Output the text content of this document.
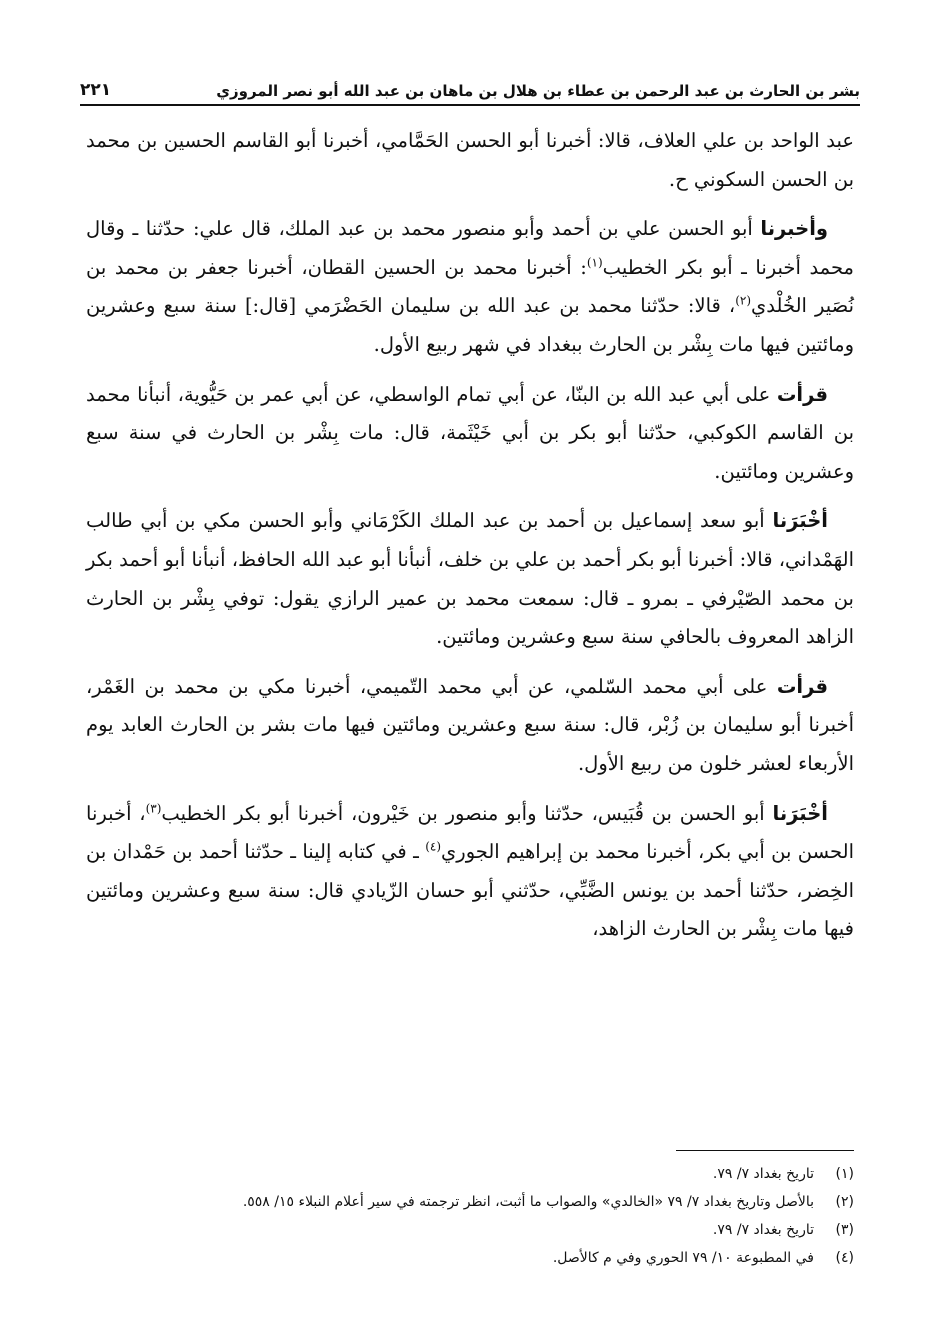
بشر بن الحارث بن عبد الرحمن بن عطاء بن هلال بن ماهان بن عبد الله أبو نصر المروزي
٢٢١

عبد الواحد بن علي العلاف، قالا: أخبرنا أبو الحسن الحَمَّامي، أخبرنا أبو القاسم الحسين بن محمد بن الحسن السكوني ح.

وأخبرنا أبو الحسن علي بن أحمد وأبو منصور محمد بن عبد الملك، قال علي: حدّثنا ـ وقال محمد أخبرنا ـ أبو بكر الخطيب$^{(١)}$: أخبرنا محمد بن الحسين القطان، أخبرنا جعفر بن محمد بن نُصَير الخُلْدي$^{(٢)}$، قالا: حدّثنا محمد بن عبد الله بن سليمان الحَضْرَمي [قال:] سنة سبع وعشرين ومائتين فيها مات بِشْر بن الحارث ببغداد في شهر ربيع الأول.

قرأت على أبي عبد الله بن البنّا، عن أبي تمام الواسطي، عن أبي عمر بن حَيُّوية، أنبأنا محمد بن القاسم الكوكبي، حدّثنا أبو بكر بن أبي خَيْثَمة، قال: مات بِشْر بن الحارث في سنة سبع وعشرين ومائتين.

أخْبَرَنا أبو سعد إسماعيل بن أحمد بن عبد الملك الكَرْمَاني وأبو الحسن مكي بن أبي طالب الهَمْداني، قالا: أخبرنا أبو بكر أحمد بن علي بن خلف، أنبأنا أبو عبد الله الحافظ، أنبأنا أبو أحمد بكر بن محمد الصّيْرفي ـ بمرو ـ قال: سمعت محمد بن عمير الرازي يقول: توفي بِشْر بن الحارث الزاهد المعروف بالحافي سنة سبع وعشرين ومائتين.

قرأت على أبي محمد السّلمي، عن أبي محمد التّميمي، أخبرنا مكي بن محمد بن الغَمْر، أخبرنا أبو سليمان بن زُبْر، قال: سنة سبع وعشرين ومائتين فيها مات بشر بن الحارث العابد يوم الأربعاء لعشر خلون من ربيع الأول.

أخْبَرَنا أبو الحسن بن قُبَيس، حدّثنا وأبو منصور بن خَيْرون، أخبرنا أبو بكر الخطيب$^{(٣)}$، أخبرنا الحسن بن أبي بكر، أخبرنا محمد بن إبراهيم الجوري$^{(٤)}$ ـ في كتابه إلينا ـ حدّثنا أحمد بن حَمْدان بن الخِضر، حدّثنا أحمد بن يونس الضَّبِّي، حدّثني أبو حسان الزّيادي قال: سنة سبع وعشرين ومائتين فيها مات بِشْر بن الحارث الزاهد،

(١)
تاريخ بغداد ٧/ ٧٩.
(٢)
بالأصل وتاريخ بغداد ٧/ ٧٩ «الخالدي» والصواب ما أثبت، انظر ترجمته في سير أعلام النبلاء ١٥/ ٥٥٨.
(٣)
تاريخ بغداد ٧/ ٧٩.
(٤)
في المطبوعة ١٠/ ٧٩ الحوري وفي م كالأصل.
